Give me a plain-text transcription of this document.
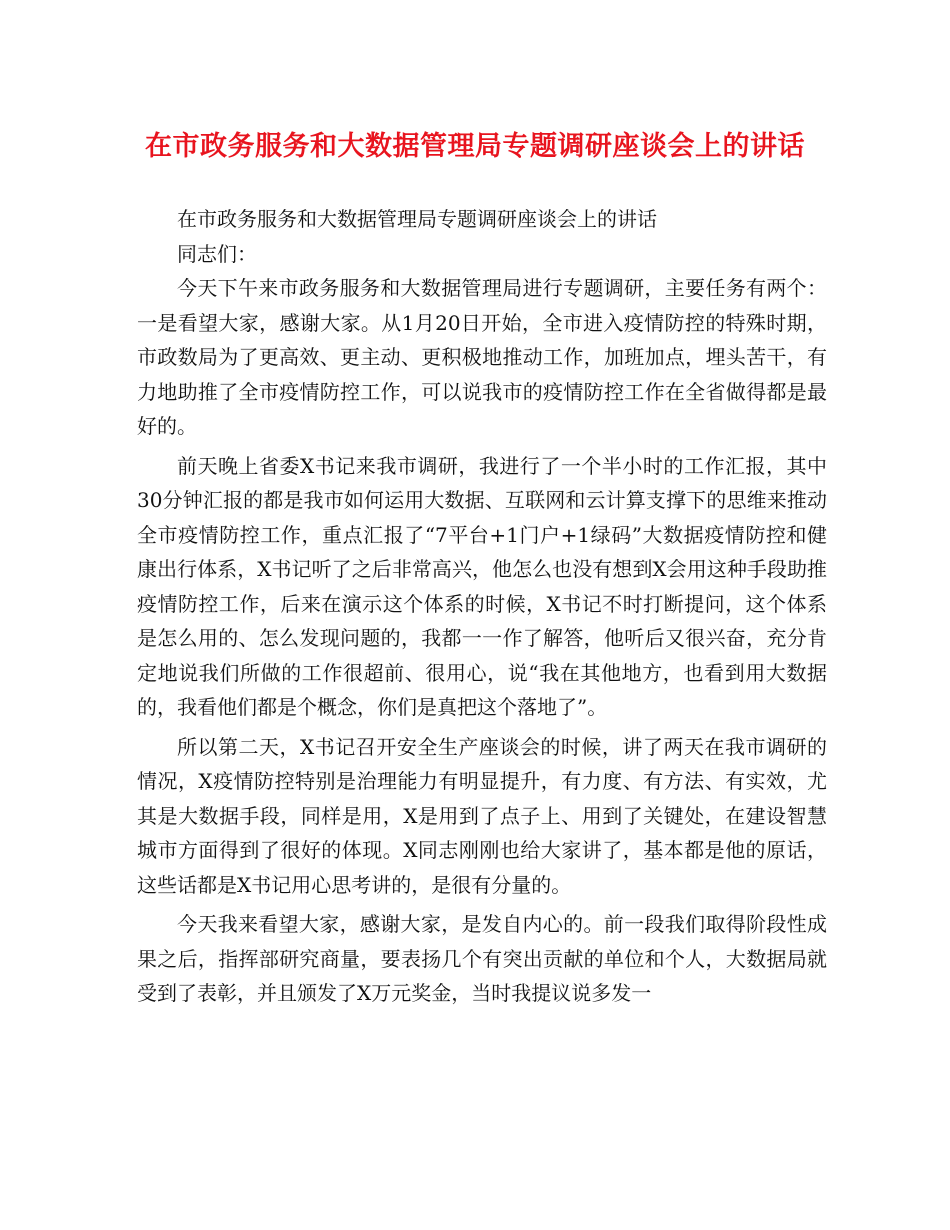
在市政务服务和大数据管理局专题调研座谈会上的讲话

在市政务服务和大数据管理局专题调研座谈会上的讲话

同志们：

今天下午来市政务服务和大数据管理局进行专题调研，主要任务有两个：一是看望大家，感谢大家。从1月20日开始，全市进入疫情防控的特殊时期，市政数局为了更高效、更主动、更积极地推动工作，加班加点，埋头苦干，有力地助推了全市疫情防控工作，可以说我市的疫情防控工作在全省做得都是最好的。

前天晚上省委X书记来我市调研，我进行了一个半小时的工作汇报，其中30分钟汇报的都是我市如何运用大数据、互联网和云计算支撑下的思维来推动全市疫情防控工作，重点汇报了“7平台+1门户+1绿码”大数据疫情防控和健康出行体系，X书记听了之后非常高兴，他怎么也没有想到X会用这种手段助推疫情防控工作，后来在演示这个体系的时候，X书记不时打断提问，这个体系是怎么用的、怎么发现问题的，我都一一作了解答，他听后又很兴奋，充分肯定地说我们所做的工作很超前、很用心，说“我在其他地方，也看到用大数据的，我看他们都是个概念，你们是真把这个落地了”。

所以第二天，X书记召开安全生产座谈会的时候，讲了两天在我市调研的情况，X疫情防控特别是治理能力有明显提升，有力度、有方法、有实效，尤其是大数据手段，同样是用，X是用到了点子上、用到了关键处，在建设智慧城市方面得到了很好的体现。X同志刚刚也给大家讲了，基本都是他的原话，这些话都是X书记用心思考讲的，是很有分量的。

今天我来看望大家，感谢大家，是发自内心的。前一段我们取得阶段性成果之后，指挥部研究商量，要表扬几个有突出贡献的单位和个人，大数据局就受到了表彰，并且颁发了X万元奖金，当时我提议说多发一
